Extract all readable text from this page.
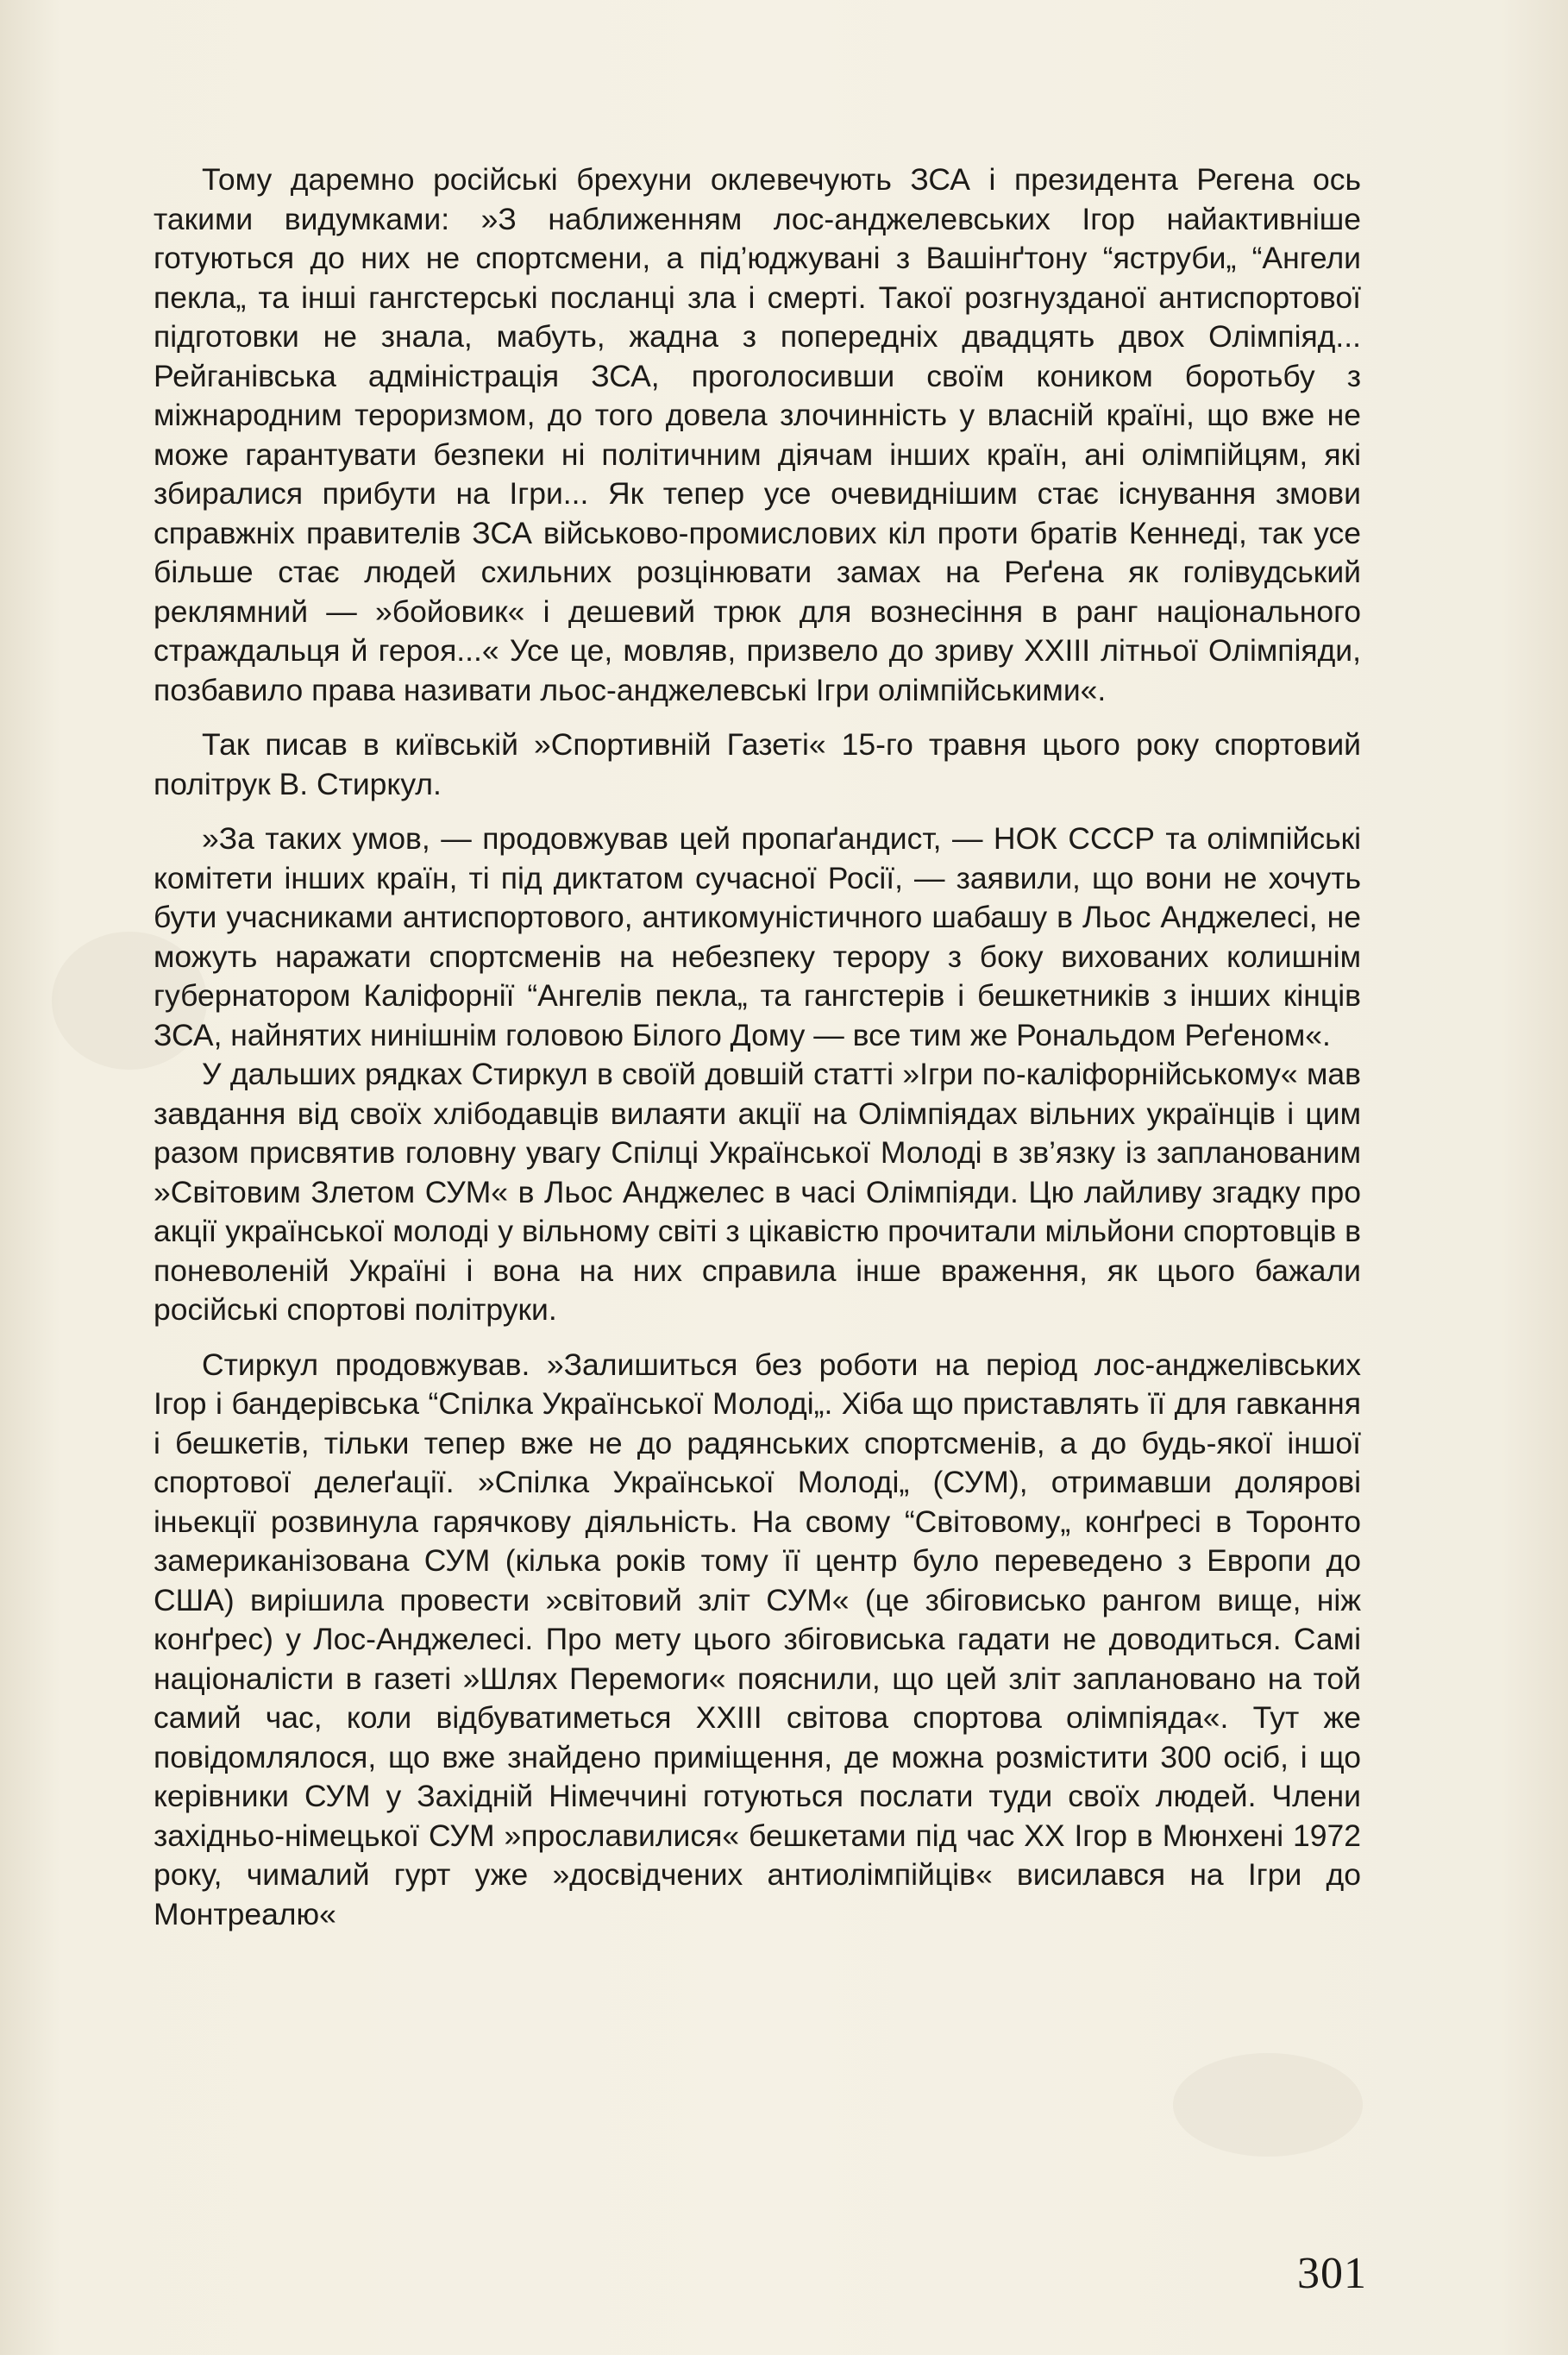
Тому даремно російські брехуни оклевечують ЗСА і президента Регена ось такими видумками: »З наближенням лос-анджелевських Ігор найактивніше готуються до них не спортсмени, а під’юджувані з Вашінґтону “яструби„ “Ангели пекла„ та інші гангстерські посланці зла і смерті. Такої розгнузданої антиспортової підготовки не знала, мабуть, жадна з попередніх двадцять двох Олімпіяд... Рейганівська адміністрація ЗСА, проголосивши своїм коником боротьбу з міжнародним тероризмом, до того довела злочинність у власній країні, що вже не може гарантувати безпеки ні політичним діячам інших країн, ані олімпійцям, які збиралися прибути на Ігри... Як тепер усе очевиднішим стає існування змови справжніх правителів ЗСА військово-промислових кіл проти братів Кеннеді, так усе більше стає людей схильних розцінювати замах на Реґена як голівудський реклямний — »бойовик« і дешевий трюк для вознесіння в ранг національного страждальця й героя...« Усе це, мовляв, призвело до зриву XXIII літньої Олімпіяди, позбавило права називати льос-анджелевські Ігри олімпійськими«.

Так писав в київській »Спортивній Газеті« 15-го травня цього року спортовий політрук В. Стиркул.

»За таких умов, — продовжував цей пропаґандист, — НОК СССР та олімпійські комітети інших країн, ті під диктатом сучасної Росії, — заявили, що вони не хочуть бути учасниками антиспортового, антикомуністичного шабашу в Льос Анджелесі, не можуть наражати спортсменів на небезпеку терору з боку вихованих колишнім губернатором Каліфорнії “Ангелів пекла„ та гангстерів і бешкетників з інших кінців ЗСА, найнятих нинішнім головою Білого Дому — все тим же Рональдом Реґеном«.

У дальших рядках Стиркул в своїй довшій статті »Ігри по-каліфорнійському« мав завдання від своїх хлібодавців вилаяти акції на Олімпіядах вільних українців і цим разом присвятив головну увагу Спілці Української Молоді в зв’язку із запланованим »Світовим Злетом СУМ« в Льос Анджелес в часі Олімпіяди. Цю лайливу згадку про акції української молоді у вільному світі з цікавістю прочитали мільйони спортовців в поневоленій Україні і вона на них справила інше враження, як цього бажали російські спортові політруки.

Стиркул продовжував. »Залишиться без роботи на період лос-анджелівських Ігор і бандерівська “Спілка Української Молоді„. Хіба що приставлять її для гавкання і бешкетів, тільки тепер вже не до радянських спортсменів, а до будь-якої іншої спортової делеґації. »Спілка Української Молоді„ (СУМ), отримавши долярові іньекції розвинула гарячкову діяльність. На свому “Світовому„ конґресі в Торонто замериканізована СУМ (кілька років тому її центр було переведено з Европи до США) вирішила провести »світовий зліт СУМ« (це збіговисько рангом вище, ніж конґрес) у Лос-Анджелесі. Про мету цього збіговиська гадати не доводиться. Самі націоналісти в газеті »Шлях Перемоги« пояснили, що цей зліт заплановано на той самий час, коли відбуватиметься XXIII світова спортова олімпіяда«. Тут же повідомлялося, що вже знайдено приміщення, де можна розмістити 300 осіб, і що керівники СУМ у Західній Німеччині готуються послати туди своїх людей. Члени західньо-німецької СУМ »прославилися« бешкетами під час XX Ігор в Мюнхені 1972 року, чималий гурт уже »досвідчених антиолімпійців« висилався на Ігри до Монтреалю«

301
